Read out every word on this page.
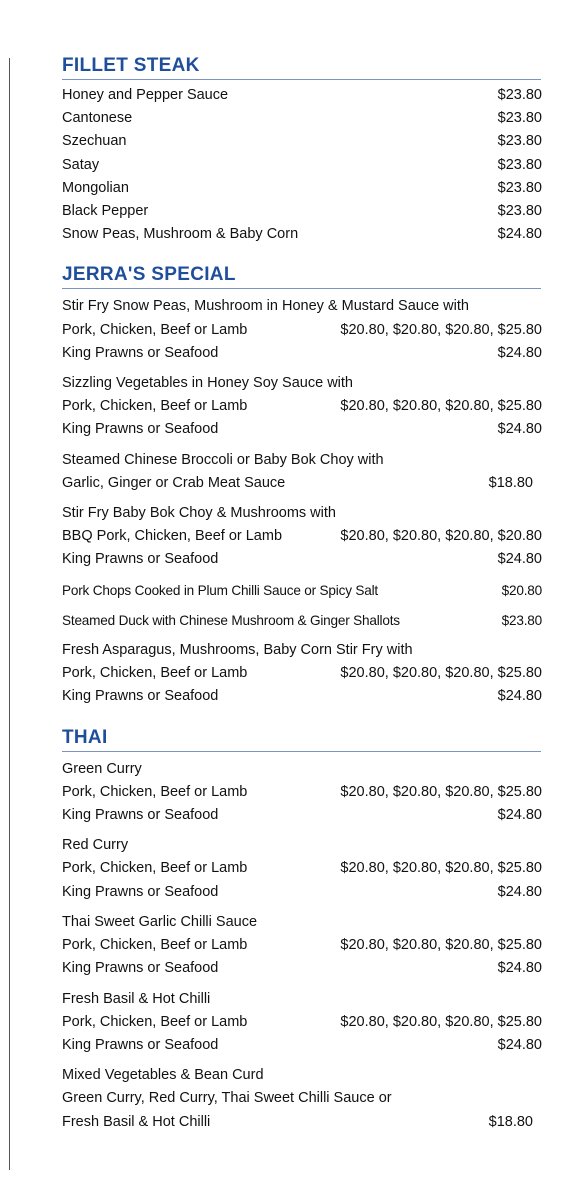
FILLET STEAK
Honey and Pepper Sauce	$23.80
Cantonese	$23.80
Szechuan	$23.80
Satay	$23.80
Mongolian	$23.80
Black Pepper	$23.80
Snow Peas, Mushroom & Baby Corn	$24.80
JERRA'S SPECIAL
Stir Fry Snow Peas, Mushroom in Honey & Mustard Sauce with
Pork, Chicken, Beef or Lamb	$20.80, $20.80, $20.80, $25.80
King Prawns or Seafood	$24.80
Sizzling Vegetables in Honey Soy Sauce with
Pork, Chicken, Beef or Lamb	$20.80, $20.80, $20.80, $25.80
King Prawns or Seafood	$24.80
Steamed Chinese Broccoli or Baby Bok Choy with
Garlic, Ginger or Crab Meat Sauce	$18.80
Stir Fry Baby Bok Choy & Mushrooms with
BBQ Pork, Chicken, Beef or Lamb	$20.80, $20.80, $20.80, $20.80
King Prawns or Seafood	$24.80
Pork Chops Cooked in Plum Chilli Sauce or Spicy Salt	$20.80
Steamed Duck with Chinese Mushroom & Ginger Shallots	$23.80
Fresh Asparagus, Mushrooms, Baby Corn Stir Fry with
Pork, Chicken, Beef or Lamb	$20.80, $20.80, $20.80, $25.80
King Prawns or Seafood	$24.80
THAI
Green Curry
Pork, Chicken, Beef or Lamb	$20.80, $20.80, $20.80, $25.80
King Prawns or Seafood	$24.80
Red Curry
Pork, Chicken, Beef or Lamb	$20.80, $20.80, $20.80, $25.80
King Prawns or Seafood	$24.80
Thai Sweet Garlic Chilli Sauce
Pork, Chicken, Beef or Lamb	$20.80, $20.80, $20.80, $25.80
King Prawns or Seafood	$24.80
Fresh Basil & Hot Chilli
Pork, Chicken, Beef or Lamb	$20.80, $20.80, $20.80, $25.80
King Prawns or Seafood	$24.80
Mixed Vegetables & Bean Curd
Green Curry, Red Curry, Thai Sweet Chilli Sauce or
Fresh Basil & Hot Chilli	$18.80
